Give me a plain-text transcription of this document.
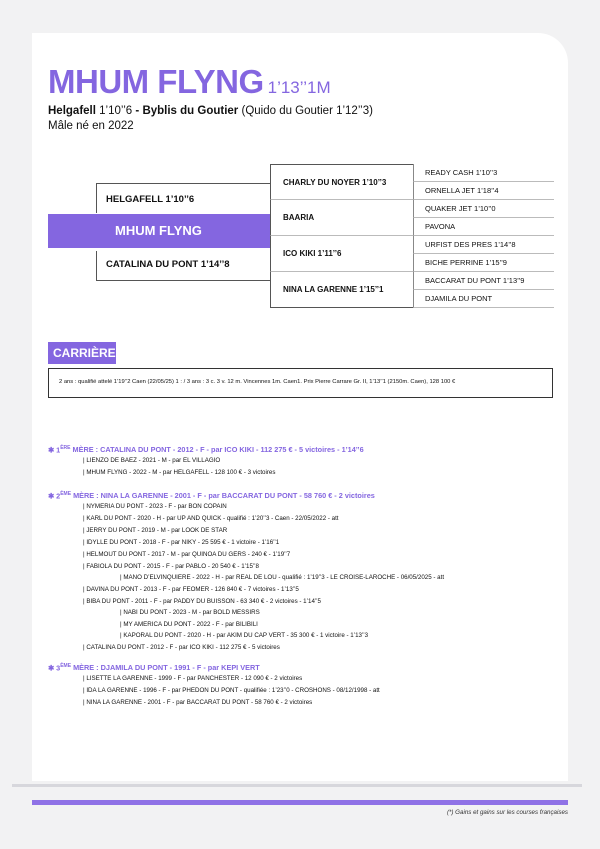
MHUM FLYNG 1’13’’1M
Helgafell 1’10’’6 - Byblis du Goutier (Quido du Goutier 1’12’’3)
Mâle né en 2022
HELGAFELL 1’10’’6
MHUM FLYNG
CATALINA DU PONT 1’14’’8
CHARLY DU NOYER 1’10’’3
BAARIA
ICO KIKI 1’11’’6
NINA LA GARENNE 1’15’’1
READY CASH 1’10’’3
ORNELLA JET 1’18’’4
QUAKER JET 1’10’’0
PAVONA
URFIST DES PRES 1’14’’8
BICHE PERRINE 1’15’’9
BACCARAT DU PONT 1’13’’9
DJAMILA DU PONT
CARRIÈRE
2 ans : qualifié attelé 1’19’’2 Caen (22/05/25) 1 : / 3 ans : 3 c. 3 v. 12 m. Vincennes 1m. Caen1. Prix Pierre Carrare Gr. II, 1’13’’1 (2150m. Caen), 128 100 €
✱ 1ÈRE MÈRE : CATALINA DU PONT - 2012 - F - par ICO KIKI - 112 275 € - 5 victoires - 1’14’’6
| LIENZO DE BAEZ - 2021 - M - par EL VILLAGIO
| MHUM FLYNG - 2022 - M - par HELGAFELL - 128 100 € - 3 victoires
✱ 2ÈME MÈRE : NINA LA GARENNE - 2001 - F - par BACCARAT DU PONT - 58 760 € - 2 victoires
| NYMERIA DU PONT - 2023 - F - par BON COPAIN
| KARL DU PONT - 2020 - H - par UP AND QUICK - qualifié : 1’20’’3 - Caen - 22/05/2022 - att
| JERRY DU PONT - 2019 - M - par LOOK DE STAR
| IDYLLE DU PONT - 2018 - F - par NIKY - 25 595 € - 1 victoire - 1’16’’1
| HELMOUT DU PONT - 2017 - M - par QUINOA DU GERS - 240 € - 1’19’’7
| FABIOLA DU PONT - 2015 - F - par PABLO - 20 540 € - 1’15’’8
| MANO D’ELVINQUIERE - 2022 - H - par REAL DE LOU - qualifié : 1’19’’3 - LE CROISE-LAROCHE - 06/05/2025 - att
| DAVINA DU PONT - 2013 - F - par FEOMER - 126 840 € - 7 victoires - 1’13’’5
| BIBA DU PONT - 2011 - F - par PADDY DU BUISSON - 63 340 € - 2 victoires - 1’14’’5
| NABI DU PONT - 2023 - M - par BOLD MESSIRS
| MY AMERICA DU PONT - 2022 - F - par BILIBILI
| KAPORAL DU PONT - 2020 - H - par AKIM DU CAP VERT - 35 300 € - 1 victoire - 1’13’’3
| CATALINA DU PONT - 2012 - F - par ICO KIKI - 112 275 € - 5 victoires
✱ 3ÈME MÈRE : DJAMILA DU PONT - 1991 - F - par KEPI VERT
| LISETTE LA GARENNE - 1999 - F - par PANCHESTER - 12 090 € - 2 victoires
| IDA LA GARENNE - 1996 - F - par PHEDON DU PONT - qualifiée : 1’23’’0 - CROSHONS - 08/12/1998 - att
| NINA LA GARENNE - 2001 - F - par BACCARAT DU PONT - 58 760 € - 2 victoires
(*) Gains et gains sur les courses françaises
